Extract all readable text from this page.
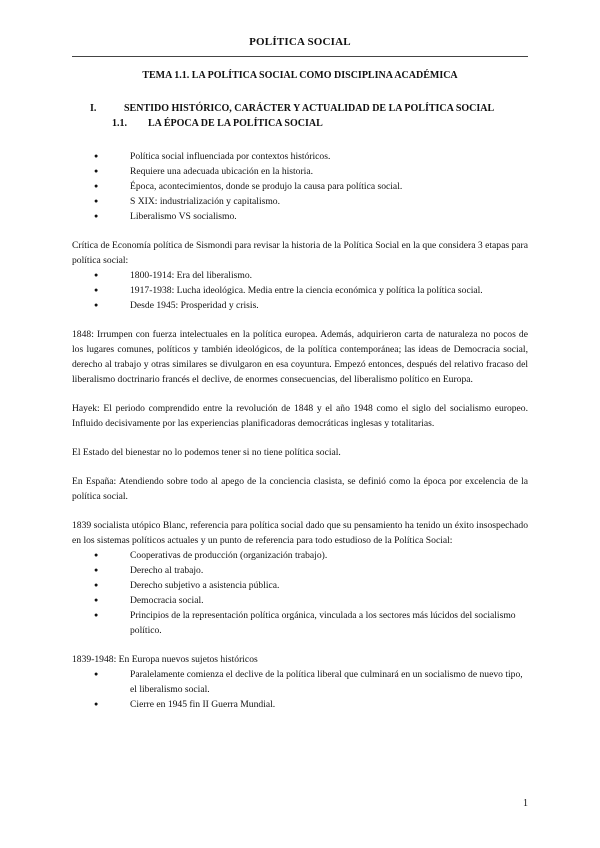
POLÍTICA SOCIAL
TEMA 1.1. LA POLÍTICA SOCIAL COMO DISCIPLINA ACADÉMICA
I.	SENTIDO HISTÓRICO, CARÁCTER Y ACTUALIDAD DE LA POLÍTICA SOCIAL
1.1.	LA ÉPOCA DE LA POLÍTICA SOCIAL
● Política social influenciada por contextos históricos.
● Requiere una adecuada ubicación en la historia.
● Época, acontecimientos, donde se produjo la causa para política social.
● S XIX: industrialización y capitalismo.
● Liberalismo VS socialismo.

Crítica de Economía política de Sismondi para revisar la historia de la Política Social en la que considera 3 etapas para política social:

● 1800-1914: Era del liberalismo.
● 1917-1938: Lucha ideológica. Media entre la ciencia económica y política la política social.
● Desde 1945: Prosperidad y crisis.

1848: Irrumpen con fuerza intelectuales en la política europea. Además, adquirieron carta de naturaleza no pocos de los lugares comunes, políticos y también ideológicos, de la política contemporánea; las ideas de Democracia social, derecho al trabajo y otras similares se divulgaron en esa coyuntura. Empezó entonces, después del relativo fracaso del liberalismo doctrinario francés el declive, de enormes consecuencias, del liberalismo político en Europa.

Hayek: El periodo comprendido entre la revolución de 1848 y el año 1948 como el siglo del socialismo europeo. Influido decisivamente por las experiencias planificadoras democráticas inglesas y totalitarias.

El Estado del bienestar no lo podemos tener si no tiene política social.

En España: Atendiendo sobre todo al apego de la conciencia clasista, se definió como la época por excelencia de la política social.

1839 socialista utópico Blanc, referencia para política social dado que su pensamiento ha tenido un éxito insospechado en los sistemas políticos actuales y un punto de referencia para todo estudioso de la Política Social:

● Cooperativas de producción (organización trabajo).
● Derecho al trabajo.
● Derecho subjetivo a asistencia pública.
● Democracia social.
● Principios de la representación política orgánica, vinculada a los sectores más lúcidos del socialismo político.

1839-1948: En Europa nuevos sujetos históricos

● Paralelamente comienza el declive de la política liberal que culminará en un socialismo de nuevo tipo, el liberalismo social.
● Cierre en 1945 fin II Guerra Mundial.
1
